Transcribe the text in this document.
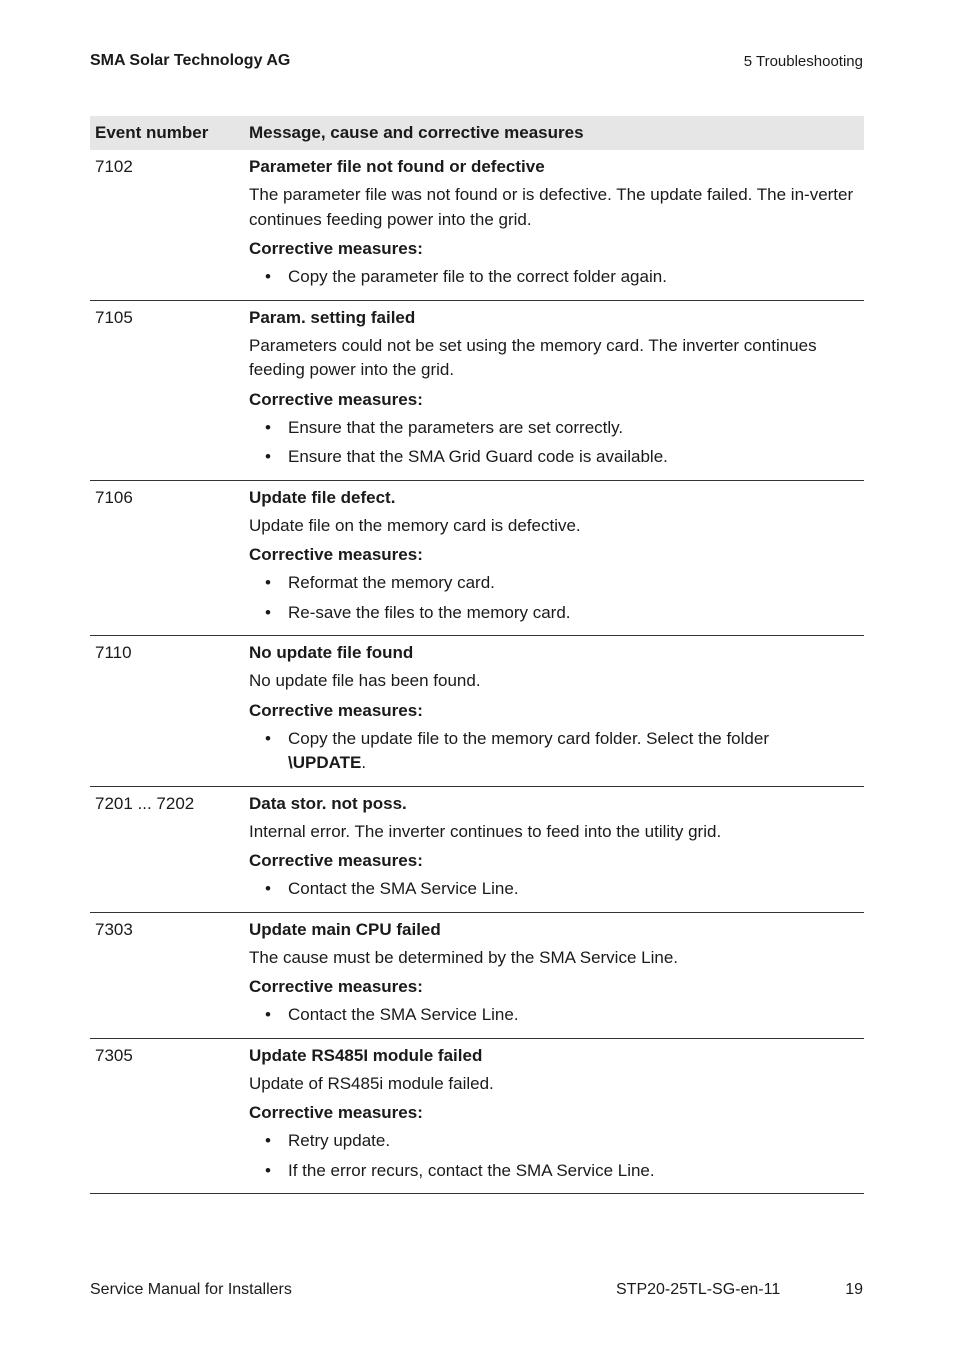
SMA Solar Technology AG	5 Troubleshooting
Event number	Message, cause and corrective measures
7102	Parameter file not found or defective
The parameter file was not found or is defective. The update failed. The in-verter continues feeding power into the grid.
Corrective measures:
• Copy the parameter file to the correct folder again.
7105	Param. setting failed
Parameters could not be set using the memory card. The inverter continues feeding power into the grid.
Corrective measures:
• Ensure that the parameters are set correctly.
• Ensure that the SMA Grid Guard code is available.
7106	Update file defect.
Update file on the memory card is defective.
Corrective measures:
• Reformat the memory card.
• Re-save the files to the memory card.
7110	No update file found
No update file has been found.
Corrective measures:
• Copy the update file to the memory card folder. Select the folder
\UPDATE.
7201 ... 7202	Data stor. not poss.
Internal error. The inverter continues to feed into the utility grid.
Corrective measures:
• Contact the SMA Service Line.
7303	Update main CPU failed
The cause must be determined by the SMA Service Line.
Corrective measures:
• Contact the SMA Service Line.
7305	Update RS485I module failed
Update of RS485i module failed.
Corrective measures:
• Retry update.
• If the error recurs, contact the SMA Service Line.
Service Manual for Installers	STP20-25TL-SG-en-11	19
